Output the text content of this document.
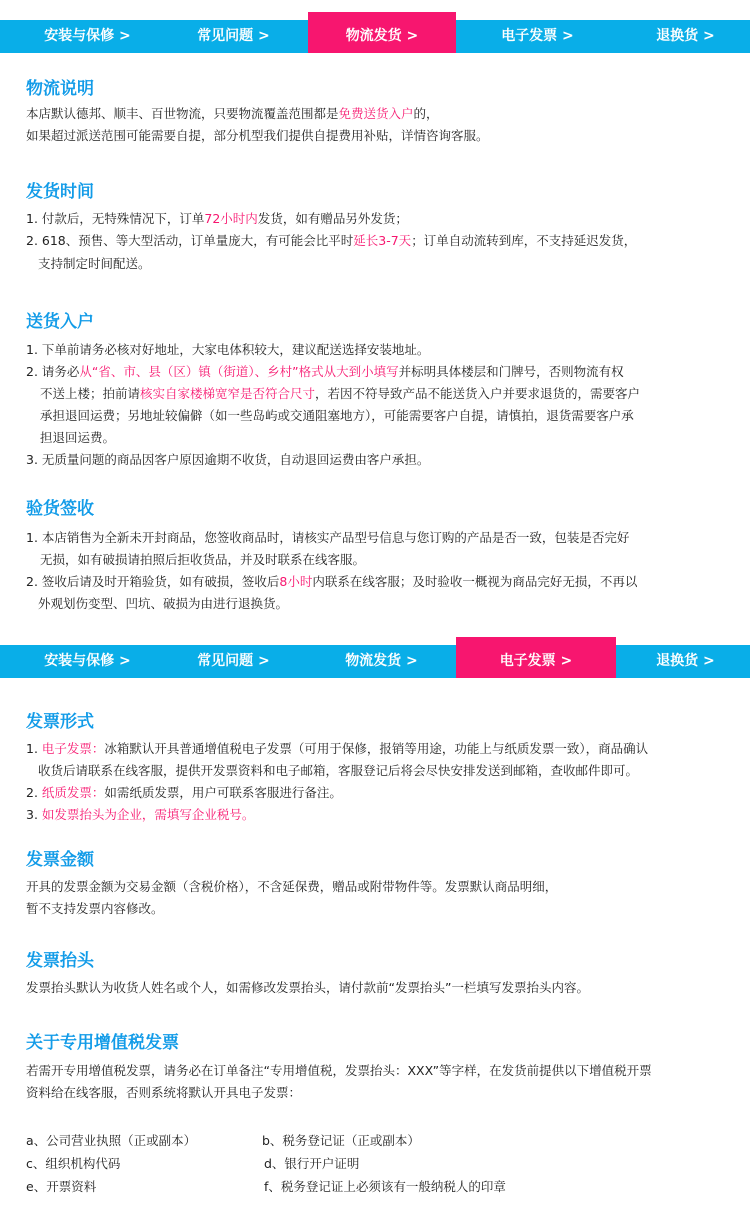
安装与保修 >	常见问题 >	物流发货 >	电子发票 >	退换货 >
物流说明
本店默认德邦、顺丰、百世物流，只要物流覆盖范围都是免费送货入户的，
如果超过派送范围可能需要自提，部分机型我们提供自提费用补贴，详情咨询客服。
发货时间
1. 付款后，无特殊情况下，订单72小时内发货，如有赠品另外发货；
2. 618、预售、等大型活动，订单量庞大，有可能会比平时延长3-7天；订单自动流转到库，不支持延迟发货，
支持制定时间配送。
送货入户
1. 下单前请务必核对好地址，大家电体积较大，建议配送选择安装地址。
2. 请务必从“省、市、县（区）镇（街道）、乡村”格式从大到小填写并标明具体楼层和门牌号，否则物流有权
不送上楼；拍前请核实自家楼梯宽窄是否符合尺寸，若因不符导致产品不能送货入户并要求退货的，需要客户
承担退回运费；另地址较偏僻（如一些岛屿或交通阻塞地方），可能需要客户自提，请慎拍，退货需要客户承
担退回运费。
3. 无质量问题的商品因客户原因逾期不收货，自动退回运费由客户承担。
验货签收
1. 本店销售为全新未开封商品，您签收商品时，请核实产品型号信息与您订购的产品是否一致，包装是否完好
无损，如有破损请拍照后拒收货品，并及时联系在线客服。
2. 签收后请及时开箱验货，如有破损，签收后8小时内联系在线客服；及时验收一概视为商品完好无损，不再以
外观划伤变型、凹坑、破损为由进行退换货。
安装与保修 >	常见问题 >	物流发货 >	电子发票 >	退换货 >
发票形式
1. 电子发票：冰箱默认开具普通增值税电子发票（可用于保修，报销等用途，功能上与纸质发票一致），商品确认
收货后请联系在线客服，提供开发票资料和电子邮箱，客服登记后将会尽快安排发送到邮箱，查收邮件即可。
2. 纸质发票：如需纸质发票，用户可联系客服进行备注。
3. 如发票抬头为企业，需填写企业税号。
发票金额
开具的发票金额为交易金额（含税价格），不含延保费，赠品或附带物件等。发票默认商品明细，
暂不支持发票内容修改。
发票抬头
发票抬头默认为收货人姓名或个人，如需修改发票抬头，请付款前“发票抬头”一栏填写发票抬头内容。
关于专用增值税发票
若需开专用增值税发票，请务必在订单备注“专用增值税，发票抬头：XXX”等字样，在发货前提供以下增值税开票
资料给在线客服，否则系统将默认开具电子发票：
a、公司营业执照（正或副本）	b、税务登记证（正或副本）
c、组织机构代码	d、银行开户证明
e、开票资料	f、税务登记证上必须该有一般纳税人的印章
